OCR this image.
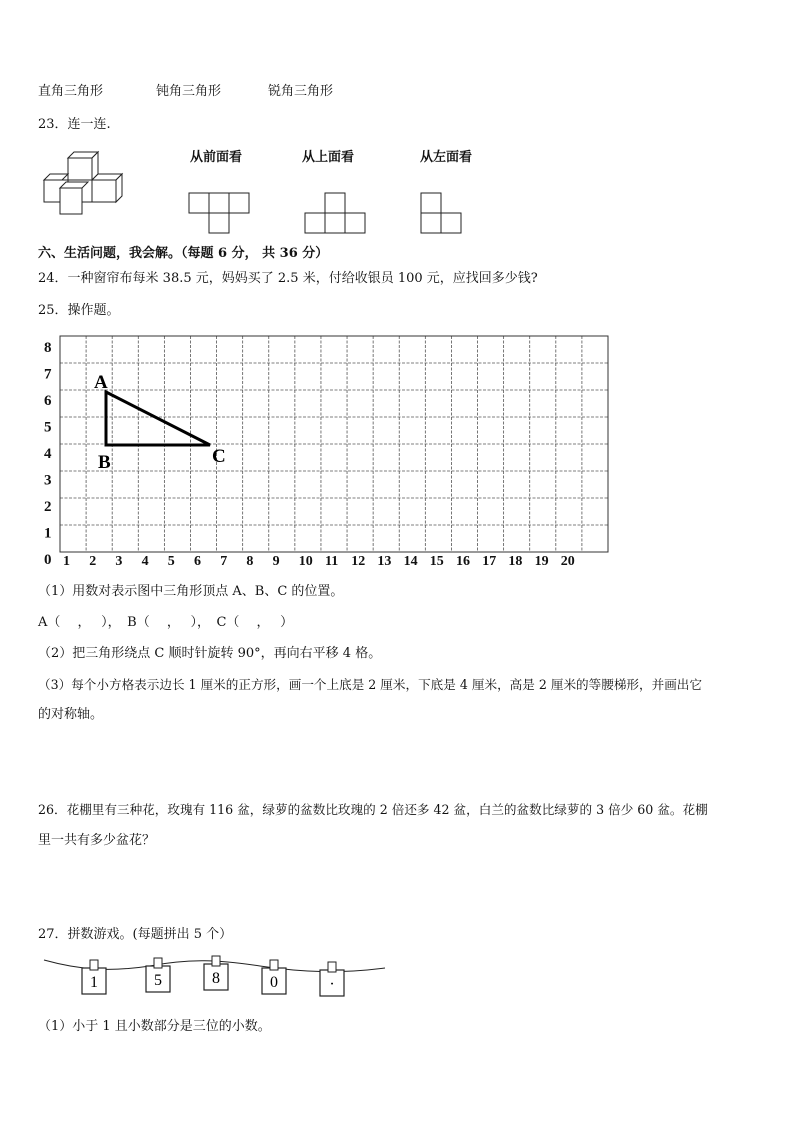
直角三角形	钝角三角形	锐角三角形
23．连一连.
从前面看	从上面看	从左面看
六、生活问题，我会解。（每题 6 分， 共 36 分）
24．一种窗帘布每米 38.5 元，妈妈买了 2.5 米，付给收银员 100 元，应找回多少钱?
25．操作题。
8
7
6
5
4
3
2
1
0 1 2 3 4 5 6 7 8 9 10 11 12 13 14 15 16 17 18 19 20
A
B	C
（1）用数对表示图中三角形顶点 A、B、C 的位置。
A（　 ，　 ），　B（　 ，　 ），　C（　 ，　 ）
（2）把三角形绕点 C 顺时针旋转 90°，再向右平移 4 格。
（3）每个小方格表示边长 1 厘米的正方形，画一个上底是 2 厘米，下底是 4 厘米，高是 2 厘米的等腰梯形，并画出它
的对称轴。
26．花棚里有三种花，玫瑰有 116 盆，绿萝的盆数比玫瑰的 2 倍还多 42 盆，白兰的盆数比绿萝的 3 倍少 60 盆。花棚
里一共有多少盆花？
27．拼数游戏。(每题拼出 5 个）
1	5	8	0	·
（1）小于 1 且小数部分是三位的小数。
